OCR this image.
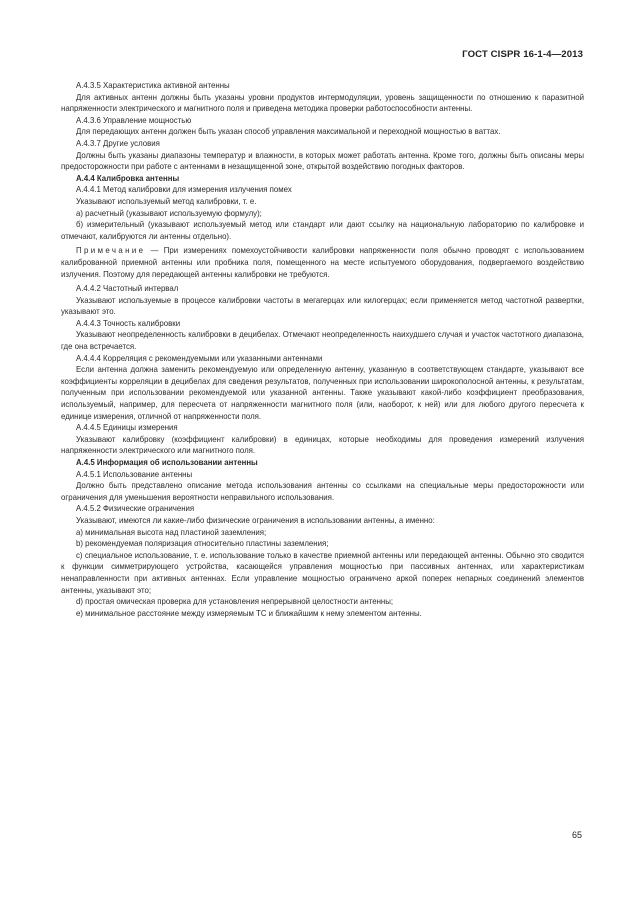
ГОСТ CISPR 16-1-4—2013

А.4.3.5 Характеристика активной антенны

Для активных антенн должны быть указаны уровни продуктов интермодуляции, уровень защищенности по отношению к паразитной напряженности электрического и магнитного поля и приведена методика проверки работоспособности антенны.

А.4.3.6 Управление мощностью

Для передающих антенн должен быть указан способ управления максимальной и переходной мощностью в ваттах.

А.4.3.7 Другие условия

Должны быть указаны диапазоны температур и влажности, в которых может работать антенна. Кроме того, должны быть описаны меры предосторожности при работе с антеннами в незащищенной зоне, открытой воздействию погодных факторов.

А.4.4 Калибровка антенны

А.4.4.1 Метод калибровки для измерения излучения помех

Указывают используемый метод калибровки, т. е.

а) расчетный (указывают используемую формулу);

б) измерительный (указывают используемый метод или стандарт или дают ссылку на национальную лабораторию по калибровке и отмечают, калибруются ли антенны отдельно).

Примечание — При измерениях помехоустойчивости калибровки напряженности поля обычно проводят с использованием калиброванной приемной антенны или пробника поля, помещенного на месте испытуемого оборудования, подвергаемого воздействию излучения. Поэтому для передающей антенны калибровки не требуются.

А.4.4.2 Частотный интервал

Указывают используемые в процессе калибровки частоты в мегагерцах или килогерцах; если применяется метод частотной развертки, указывают это.

А.4.4.3 Точность калибровки

Указывают неопределенность калибровки в децибелах. Отмечают неопределенность наихудшего случая и участок частотного диапазона, где она встречается.

А.4.4.4 Корреляция с рекомендуемыми или указанными антеннами

Если антенна должна заменить рекомендуемую или определенную антенну, указанную в соответствующем стандарте, указывают все коэффициенты корреляции в децибелах для сведения результатов, полученных при использовании широкополосной антенны, к результатам, полученным при использовании рекомендуемой или указанной антенны. Также указывают какой-либо коэффициент преобразования, используемый, например, для пересчета от напряженности магнитного поля (или, наоборот, к ней) или для любого другого пересчета к единице измерения, отличной от напряженности поля.

А.4.4.5 Единицы измерения

Указывают калибровку (коэффициент калибровки) в единицах, которые необходимы для проведения измерений излучения напряженности электрического или магнитного поля.

А.4.5 Информация об использовании антенны

А.4.5.1 Использование антенны

Должно быть представлено описание метода использования антенны со ссылками на специальные меры предосторожности или ограничения для уменьшения вероятности неправильного использования.

А.4.5.2 Физические ограничения

Указывают, имеются ли какие-либо физические ограничения в использовании антенны, а именно:

а) минимальная высота над пластиной заземления;

b) рекомендуемая поляризация относительно пластины заземления;

с) специальное использование, т. е. использование только в качестве приемной антенны или передающей антенны. Обычно это сводится к функции симметрирующего устройства, касающейся управления мощностью при пассивных антеннах, или характеристикам ненаправленности при активных антеннах. Если управление мощностью ограничено аркой поперек непарных соединений элементов антенны, указывают это;

d) простая омическая проверка для установления непрерывной целостности антенны;

е) минимальное расстояние между измеряемым ТС и ближайшим к нему элементом антенны.

65
